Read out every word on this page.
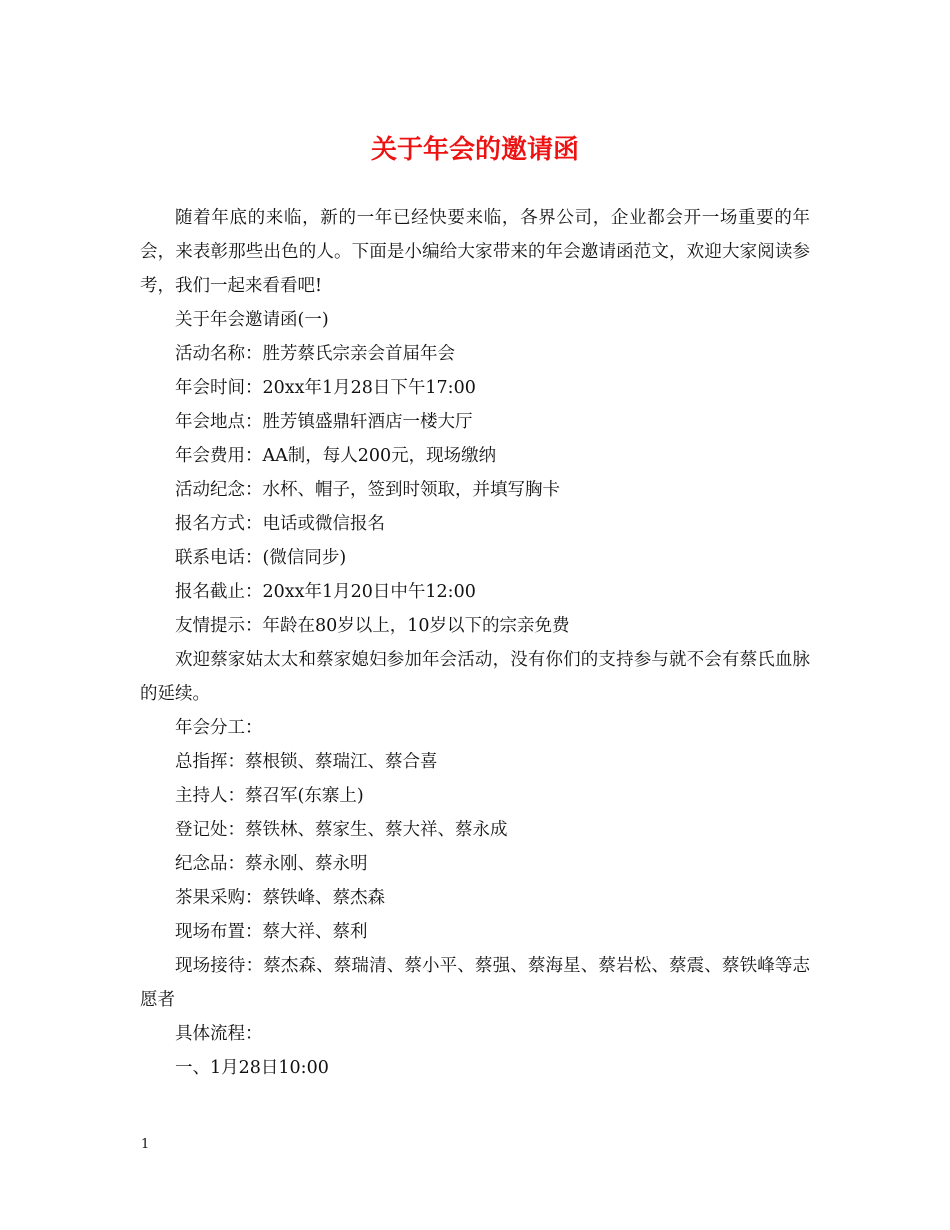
关于年会的邀请函

随着年底的来临，新的一年已经快要来临，各界公司，企业都会开一场重要的年会，来表彰那些出色的人。下面是小编给大家带来的年会邀请函范文，欢迎大家阅读参考，我们一起来看看吧!

关于年会邀请函(一)

活动名称：胜芳蔡氏宗亲会首届年会

年会时间：20xx年1月28日下午17:00

年会地点：胜芳镇盛鼎轩酒店一楼大厅

年会费用：AA制，每人200元，现场缴纳

活动纪念：水杯、帽子，签到时领取，并填写胸卡

报名方式：电话或微信报名

联系电话：(微信同步)

报名截止：20xx年1月20日中午12:00

友情提示：年龄在80岁以上，10岁以下的宗亲免费

欢迎蔡家姑太太和蔡家媳妇参加年会活动，没有你们的支持参与就不会有蔡氏血脉的延续。

年会分工：

总指挥：蔡根锁、蔡瑞江、蔡合喜

主持人：蔡召军(东寨上)

登记处：蔡铁林、蔡家生、蔡大祥、蔡永成

纪念品：蔡永刚、蔡永明

茶果采购：蔡铁峰、蔡杰森

现场布置：蔡大祥、蔡利

现场接待：蔡杰森、蔡瑞清、蔡小平、蔡强、蔡海星、蔡岩松、蔡震、蔡铁峰等志愿者

具体流程：

一、1月28日10:00

1
